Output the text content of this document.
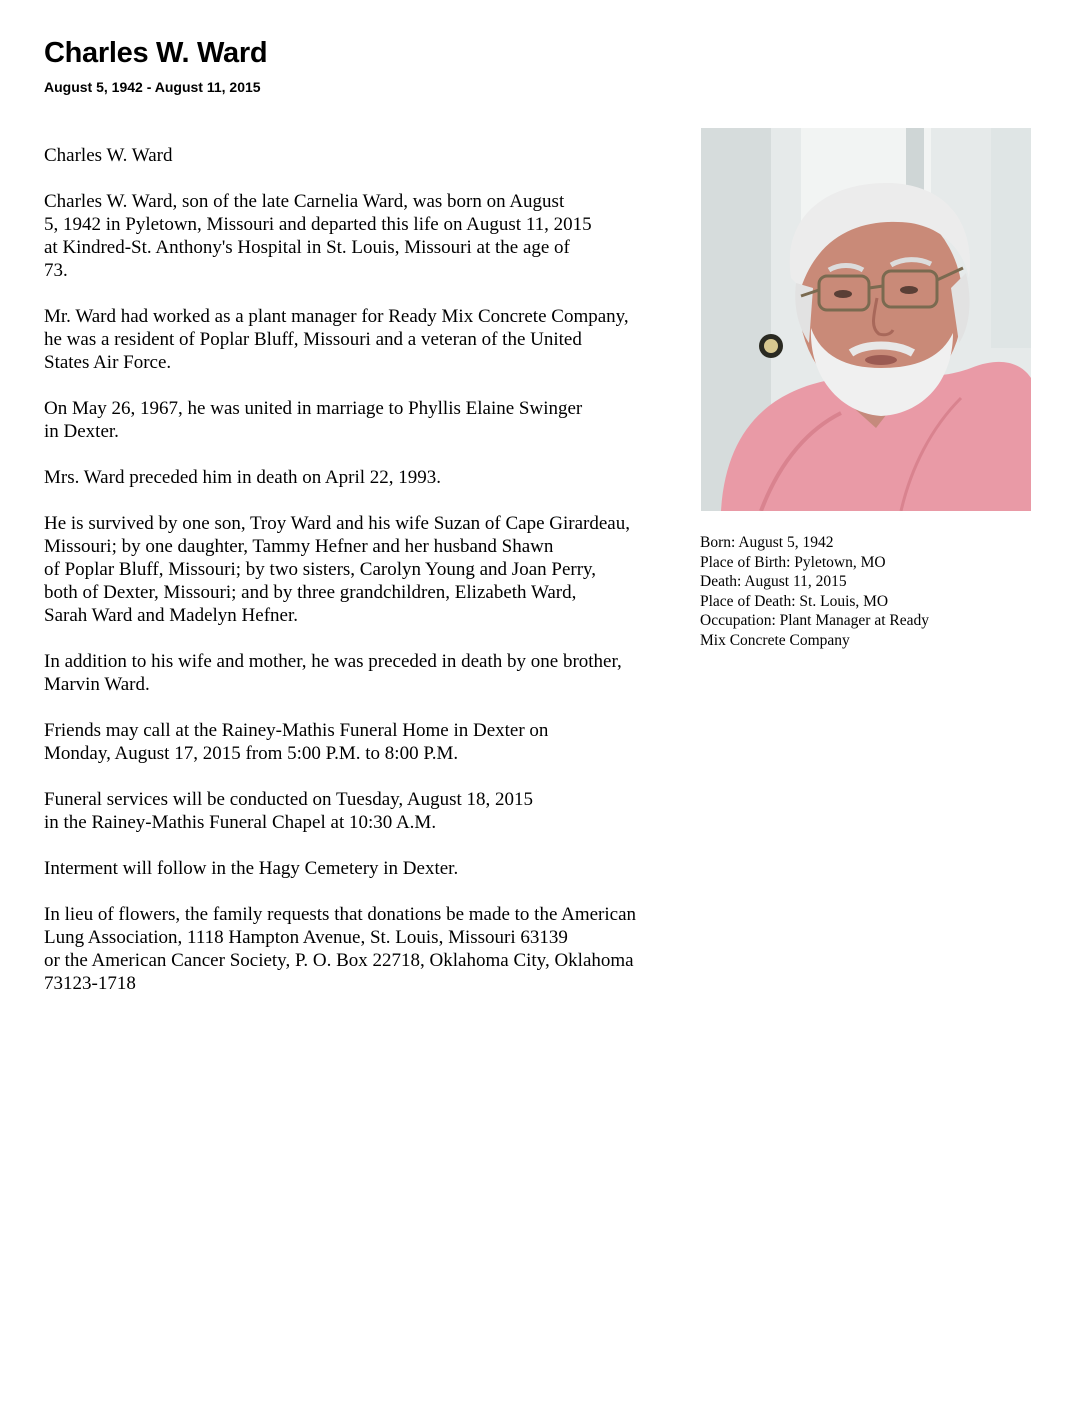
Charles W. Ward
August 5, 1942 - August 11, 2015

Charles W. Ward

Charles W. Ward, son of the late Carnelia Ward, was born on August
5, 1942 in Pyletown, Missouri and departed this life on August 11, 2015
at Kindred-St. Anthony's Hospital in St. Louis, Missouri at the age of
73.

Mr. Ward had worked as a plant manager for Ready Mix Concrete Company,
he was a resident of Poplar Bluff, Missouri and a veteran of the United
States Air Force.

On May 26, 1967, he was united in marriage to Phyllis Elaine Swinger
in Dexter.

Mrs. Ward preceded him in death on April 22, 1993.

He is survived by one son, Troy Ward and his wife Suzan of Cape Girardeau,
Missouri; by one daughter, Tammy Hefner and her husband Shawn
of Poplar Bluff, Missouri; by two sisters, Carolyn Young and Joan Perry,
both of Dexter, Missouri; and by three grandchildren, Elizabeth Ward,
Sarah Ward and Madelyn Hefner.

In addition to his wife and mother, he was preceded in death by one brother,
Marvin Ward.

Friends may call at the Rainey-Mathis Funeral Home in Dexter on
Monday, August 17, 2015 from 5:00 P.M. to 8:00 P.M.

Funeral services will be conducted on Tuesday, August 18, 2015
in the Rainey-Mathis Funeral Chapel at 10:30 A.M.

Interment will follow in the Hagy Cemetery in Dexter.

In lieu of flowers, the family requests that donations be made to the American
Lung Association, 1118 Hampton Avenue, St. Louis, Missouri 63139
or the American Cancer Society, P. O. Box 22718, Oklahoma City, Oklahoma
73123-1718

Born: August 5, 1942
Place of Birth: Pyletown, MO
Death: August 11, 2015
Place of Death: St. Louis, MO
Occupation: Plant Manager at Ready
Mix Concrete Company
